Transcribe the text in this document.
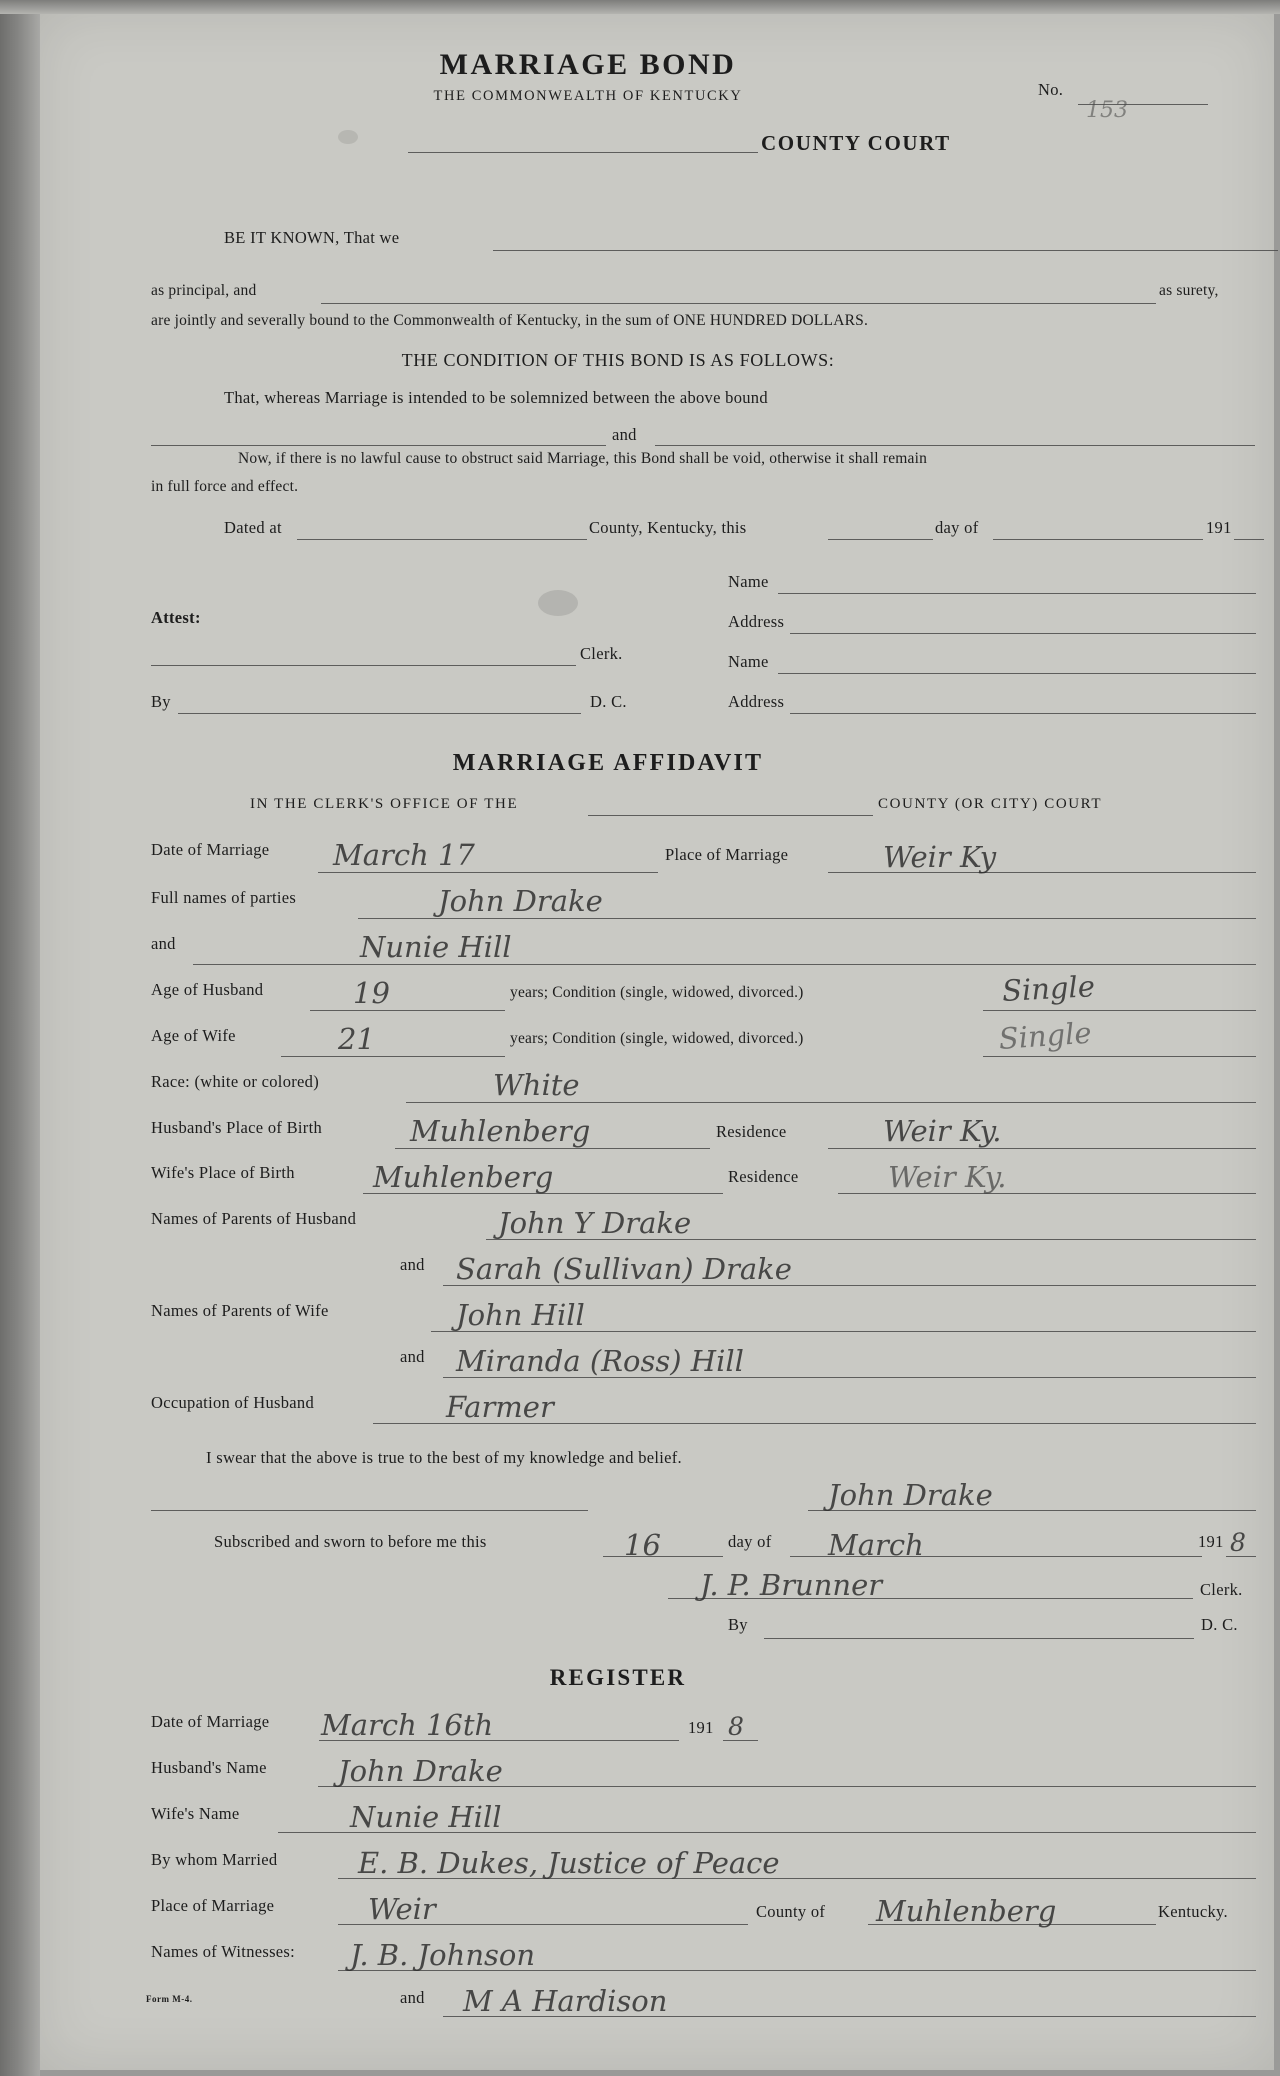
MARRIAGE BOND
THE COMMONWEALTH OF KENTUCKY	No.
153
COUNTY COURT
BE IT KNOWN, That we
as principal, and	as surety,
are jointly and severally bound to the Commonwealth of Kentucky, in the sum of ONE HUNDRED DOLLARS.
THE CONDITION OF THIS BOND IS AS FOLLOWS:
That, whereas Marriage is intended to be solemnized between the above bound
and
Now, if there is no lawful cause to obstruct said Marriage, this Bond shall be void, otherwise it shall remain
in full force and effect.
Dated at	County, Kentucky, this	day of	191
Name
Attest:	Address
Clerk.	Name
By	D. C.	Address
MARRIAGE AFFIDAVIT
IN THE CLERK'S OFFICE OF THE	COUNTY (OR CITY) COURT
Date of Marriage March 17	Place of Marriage	Weir Ky
Full names of parties	John Drake
and	Nunie Hill
Age of Husband	19	years; Condition (single, widowed, divorced.)	Single
Age of Wife	21	years; Condition (single, widowed, divorced.)	Single
Race: (white or colored)	White
Husband's Place of Birth	Muhlenberg	Residence	Weir Ky.
Wife's Place of Birth	Muhlenberg	Residence	Weir Ky.
Names of Parents of Husband	John Y Drake
and Sarah (Sullivan) Drake
Names of Parents of Wife	John Hill
and Miranda (Ross) Hill
Occupation of Husband	Farmer
I swear that the above is true to the best of my knowledge and belief.
John Drake
Subscribed and sworn to before me this	16	day of March	191 8
J. P. Brunner	Clerk.
By	D. C.
REGISTER
Date of Marriage March 16th	191 8
Husband's Name John Drake
Wife's Name	Nunie Hill
By whom Married	E. B. Dukes, Justice of Peace
Place of Marriage	Weir	County of Muhlenberg	Kentucky.
Names of Witnesses: J. B. Johnson
and M A Hardison
Form M-4.
